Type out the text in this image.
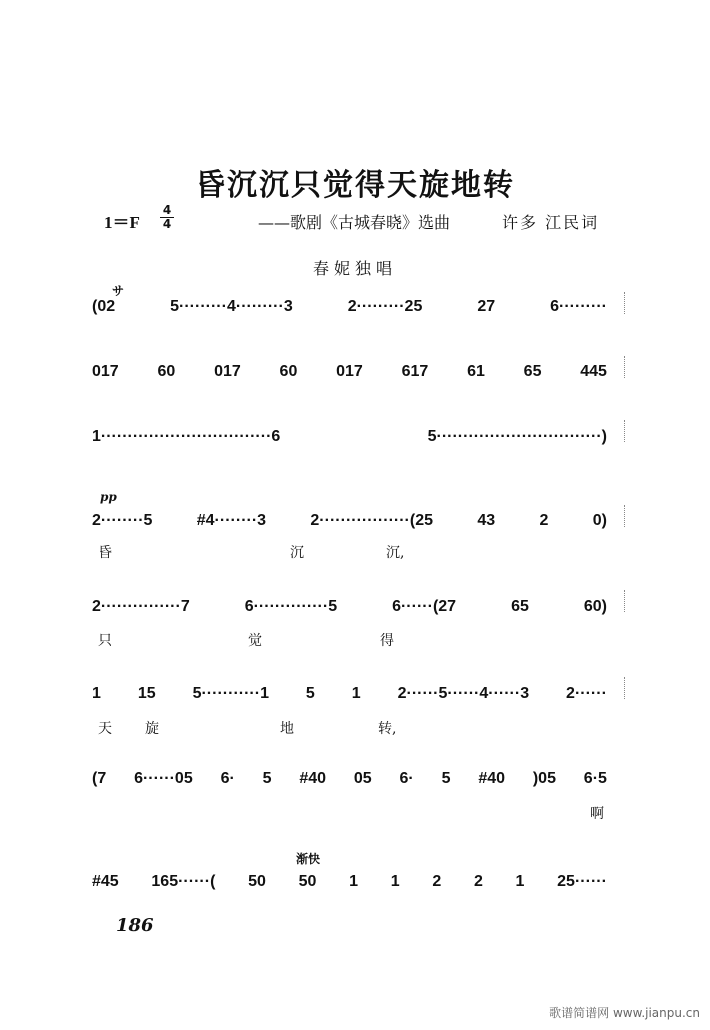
昏沉沉只觉得天旋地转
1＝F
4
4	——歌剧《古城春晓》选曲	许多 江民词
春妮独唱
サ
pp
渐快
(02	5·········4·········3	2·········25	27	6·········
017 60 017 60 017 617 61 65 445
1································6	5·······························)
2········5	#4········3	2·················(25	43	2	0)
2···············7	6··············5	6······(27	65	60)
1 15 5···········1 5 1 2······5······4······3 2······
(7 6······05 6· 5 #40 05 6· 5 #40 )05 6·5
#45 165······( 50 50 1 1 2 2 1 25······
昏	沉	沉,
只	觉	得
天 旋	地	转,
啊
186
歌谱简谱网 www.jianpu.cn
